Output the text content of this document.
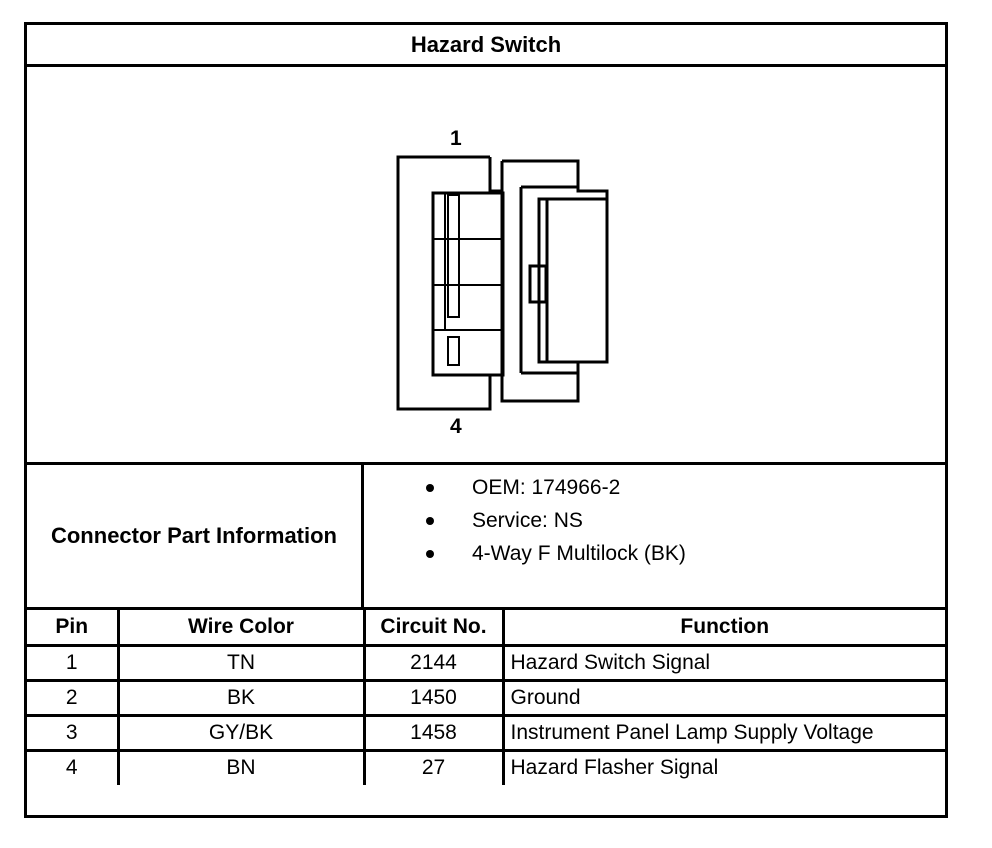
Hazard Switch
1
4
Connector Part Information
OEM: 174966-2
Service: NS
4-Way F Multilock (BK)
Pin	Wire Color	Circuit No.	Function
1	TN	2144	Hazard Switch Signal
2	BK	1450	Ground
3	GY/BK	1458	Instrument Panel Lamp Supply Voltage
4	BN	27	Hazard Flasher Signal
